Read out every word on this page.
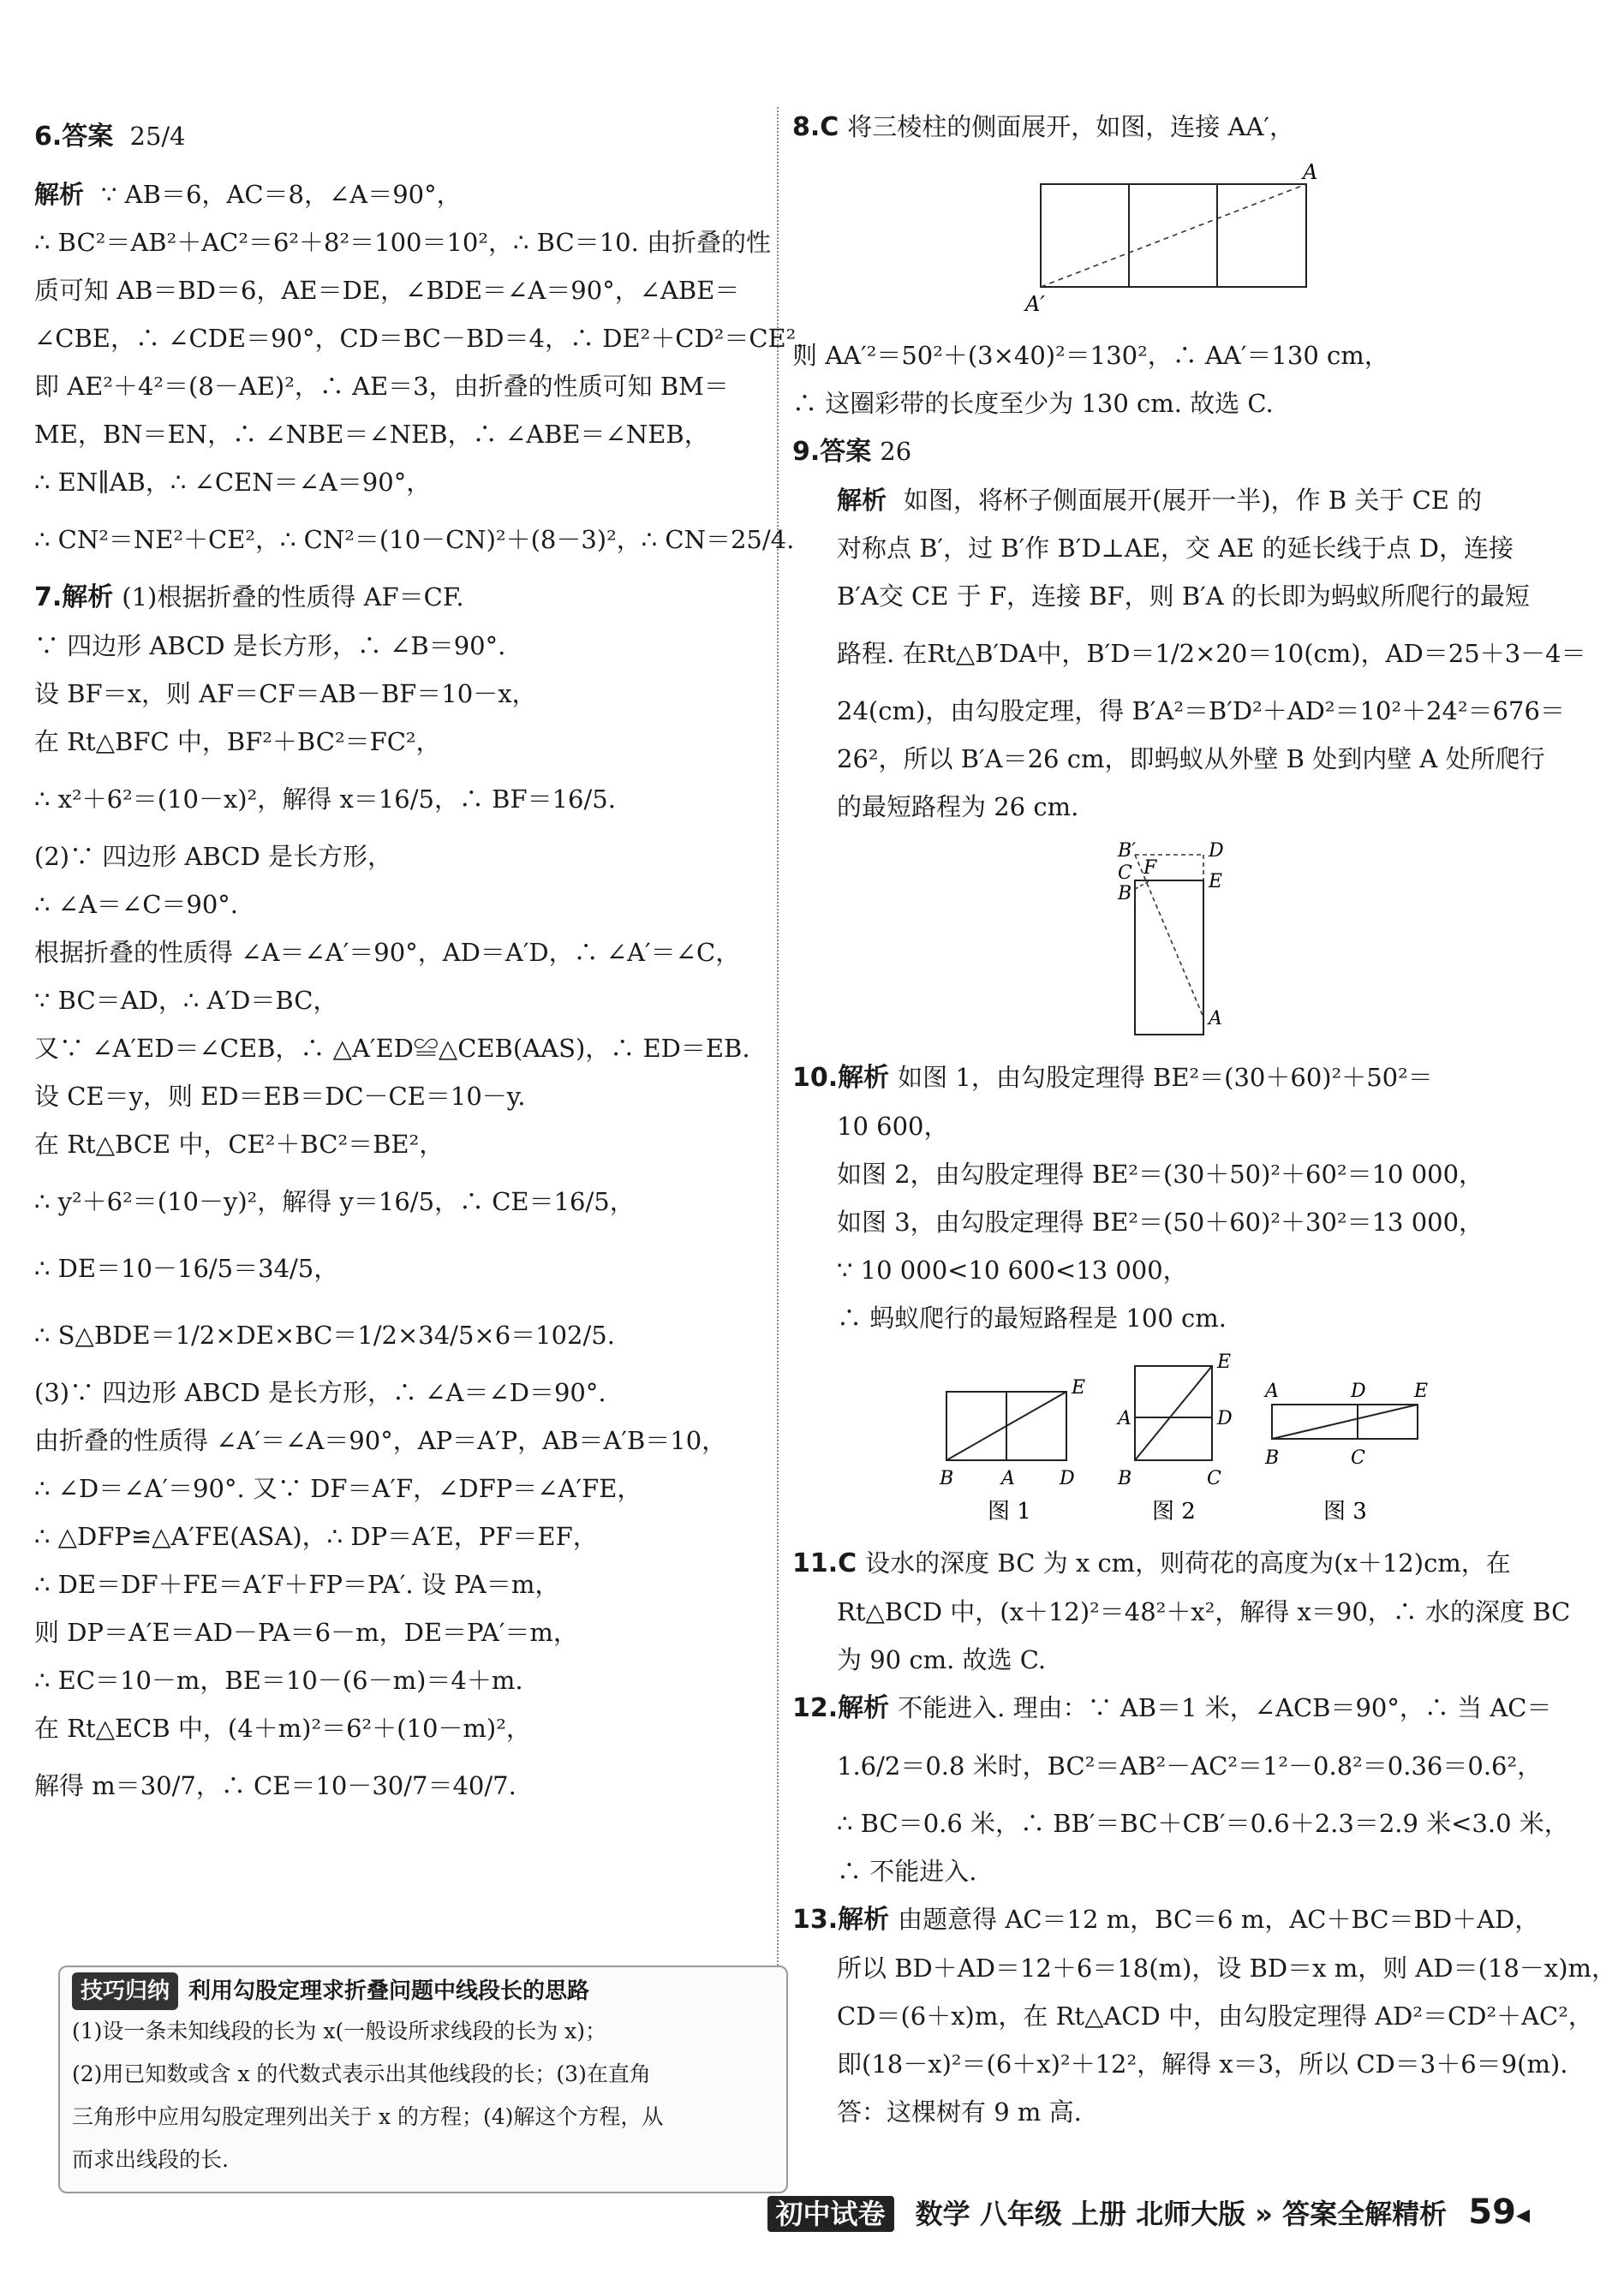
6.答案 25/4
解析 ∵ AB＝6，AC＝8，∠A＝90°，
∴ BC²＝AB²＋AC²＝6²＋8²＝100＝10²，∴ BC＝10. 由折叠的性
质可知 AB＝BD＝6，AE＝DE，∠BDE＝∠A＝90°，∠ABE＝
∠CBE，∴ ∠CDE＝90°，CD＝BC－BD＝4，∴ DE²＋CD²＝CE²，
即 AE²＋4²＝(8－AE)²，∴ AE＝3，由折叠的性质可知 BM＝
ME，BN＝EN，∴ ∠NBE＝∠NEB，∴ ∠ABE＝∠NEB，
∴ EN∥AB，∴ ∠CEN＝∠A＝90°，
∴ CN²＝NE²＋CE²，∴ CN²＝(10－CN)²＋(8－3)²，∴ CN＝25/4.
7.解析 (1)根据折叠的性质得 AF＝CF.
∵ 四边形 ABCD 是长方形，∴ ∠B＝90°.
设 BF＝x，则 AF＝CF＝AB－BF＝10－x，
在 Rt△BFC 中，BF²＋BC²＝FC²，
∴ x²＋6²＝(10－x)²，解得 x＝16/5，∴ BF＝16/5.
(2)∵ 四边形 ABCD 是长方形，
∴ ∠A＝∠C＝90°.
根据折叠的性质得 ∠A＝∠A′＝90°，AD＝A′D，∴ ∠A′＝∠C，
∵ BC＝AD，∴ A′D＝BC，
又∵ ∠A′ED＝∠CEB，∴ △A′ED≌△CEB(AAS)，∴ ED＝EB.
设 CE＝y，则 ED＝EB＝DC－CE＝10－y.
在 Rt△BCE 中，CE²＋BC²＝BE²，
∴ y²＋6²＝(10－y)²，解得 y＝16/5，∴ CE＝16/5，
∴ DE＝10－16/5＝34/5，
∴ S△BDE＝1/2×DE×BC＝1/2×34/5×6＝102/5.
(3)∵ 四边形 ABCD 是长方形，∴ ∠A＝∠D＝90°.
由折叠的性质得 ∠A′＝∠A＝90°，AP＝A′P，AB＝A′B＝10，
∴ ∠D＝∠A′＝90°. 又∵ DF＝A′F，∠DFP＝∠A′FE，
∴ △DFP≌△A′FE(ASA)，∴ DP＝A′E，PF＝EF，
∴ DE＝DF＋FE＝A′F＋FP＝PA′. 设 PA＝m，
则 DP＝A′E＝AD－PA＝6－m，DE＝PA′＝m，
∴ EC＝10－m，BE＝10－(6－m)＝4＋m.
在 Rt△ECB 中，(4＋m)²＝6²＋(10－m)²，
解得 m＝30/7，∴ CE＝10－30/7＝40/7.
技巧归纳 利用勾股定理求折叠问题中线段长的思路
(1)设一条未知线段的长为 x(一般设所求线段的长为 x)；
(2)用已知数或含 x 的代数式表示出其他线段的长；(3)在直角
三角形中应用勾股定理列出关于 x 的方程；(4)解这个方程，从
而求出线段的长.
8.C 将三棱柱的侧面展开，如图，连接 AA′，
A
A′
则 AA′²＝50²＋(3×40)²＝130²，∴ AA′＝130 cm，
∴ 这圈彩带的长度至少为 130 cm. 故选 C.
9.答案 26
解析 如图，将杯子侧面展开(展开一半)，作 B 关于 CE 的
对称点 B′，过 B′作 B′D⊥AE，交 AE 的延长线于点 D，连接
B′A交 CE 于 F，连接 BF，则 B′A 的长即为蚂蚁所爬行的最短
路程. 在Rt△B′DA中，B′D＝1/2×20＝10(cm)，AD＝25＋3－4＝
24(cm)，由勾股定理，得 B′A²＝B′D²＋AD²＝10²＋24²＝676＝
26²，所以 B′A＝26 cm，即蚂蚁从外壁 B 处到内壁 A 处所爬行
的最短路程为 26 cm.
B′
F
D
C	E
B
A
10.解析 如图 1，由勾股定理得 BE²＝(30＋60)²＋50²＝
10 600，
如图 2，由勾股定理得 BE²＝(30＋50)²＋60²＝10 000，
如图 3，由勾股定理得 BE²＝(50＋60)²＋30²＝13 000，
∵ 10 000<10 600<13 000，
∴ 蚂蚁爬行的最短路程是 100 cm.
E
B	A D
E
A	D
B	C
A	D	E
B	C
图 1	图 2	图 3
11.C 设水的深度 BC 为 x cm，则荷花的高度为(x＋12)cm，在
Rt△BCD 中，(x＋12)²＝48²＋x²，解得 x＝90，∴ 水的深度 BC
为 90 cm. 故选 C.
12.解析 不能进入. 理由：∵ AB＝1 米，∠ACB＝90°，∴ 当 AC＝
1.6/2＝0.8 米时，BC²＝AB²－AC²＝1²－0.8²＝0.36＝0.6²，
∴ BC＝0.6 米，∴ BB′＝BC＋CB′＝0.6＋2.3＝2.9 米<3.0 米，
∴ 不能进入.
13.解析 由题意得 AC＝12 m，BC＝6 m，AC＋BC＝BD＋AD，
所以 BD＋AD＝12＋6＝18(m)，设 BD＝x m，则 AD＝(18－x)m，
CD＝(6＋x)m，在 Rt△ACD 中，由勾股定理得 AD²＝CD²＋AC²，
即(18－x)²＝(6＋x)²＋12²，解得 x＝3，所以 CD＝3＋6＝9(m).
答：这棵树有 9 m 高.
初中试卷 数学 八年级 上册 北师大版 » 答案全解精析 59◂
